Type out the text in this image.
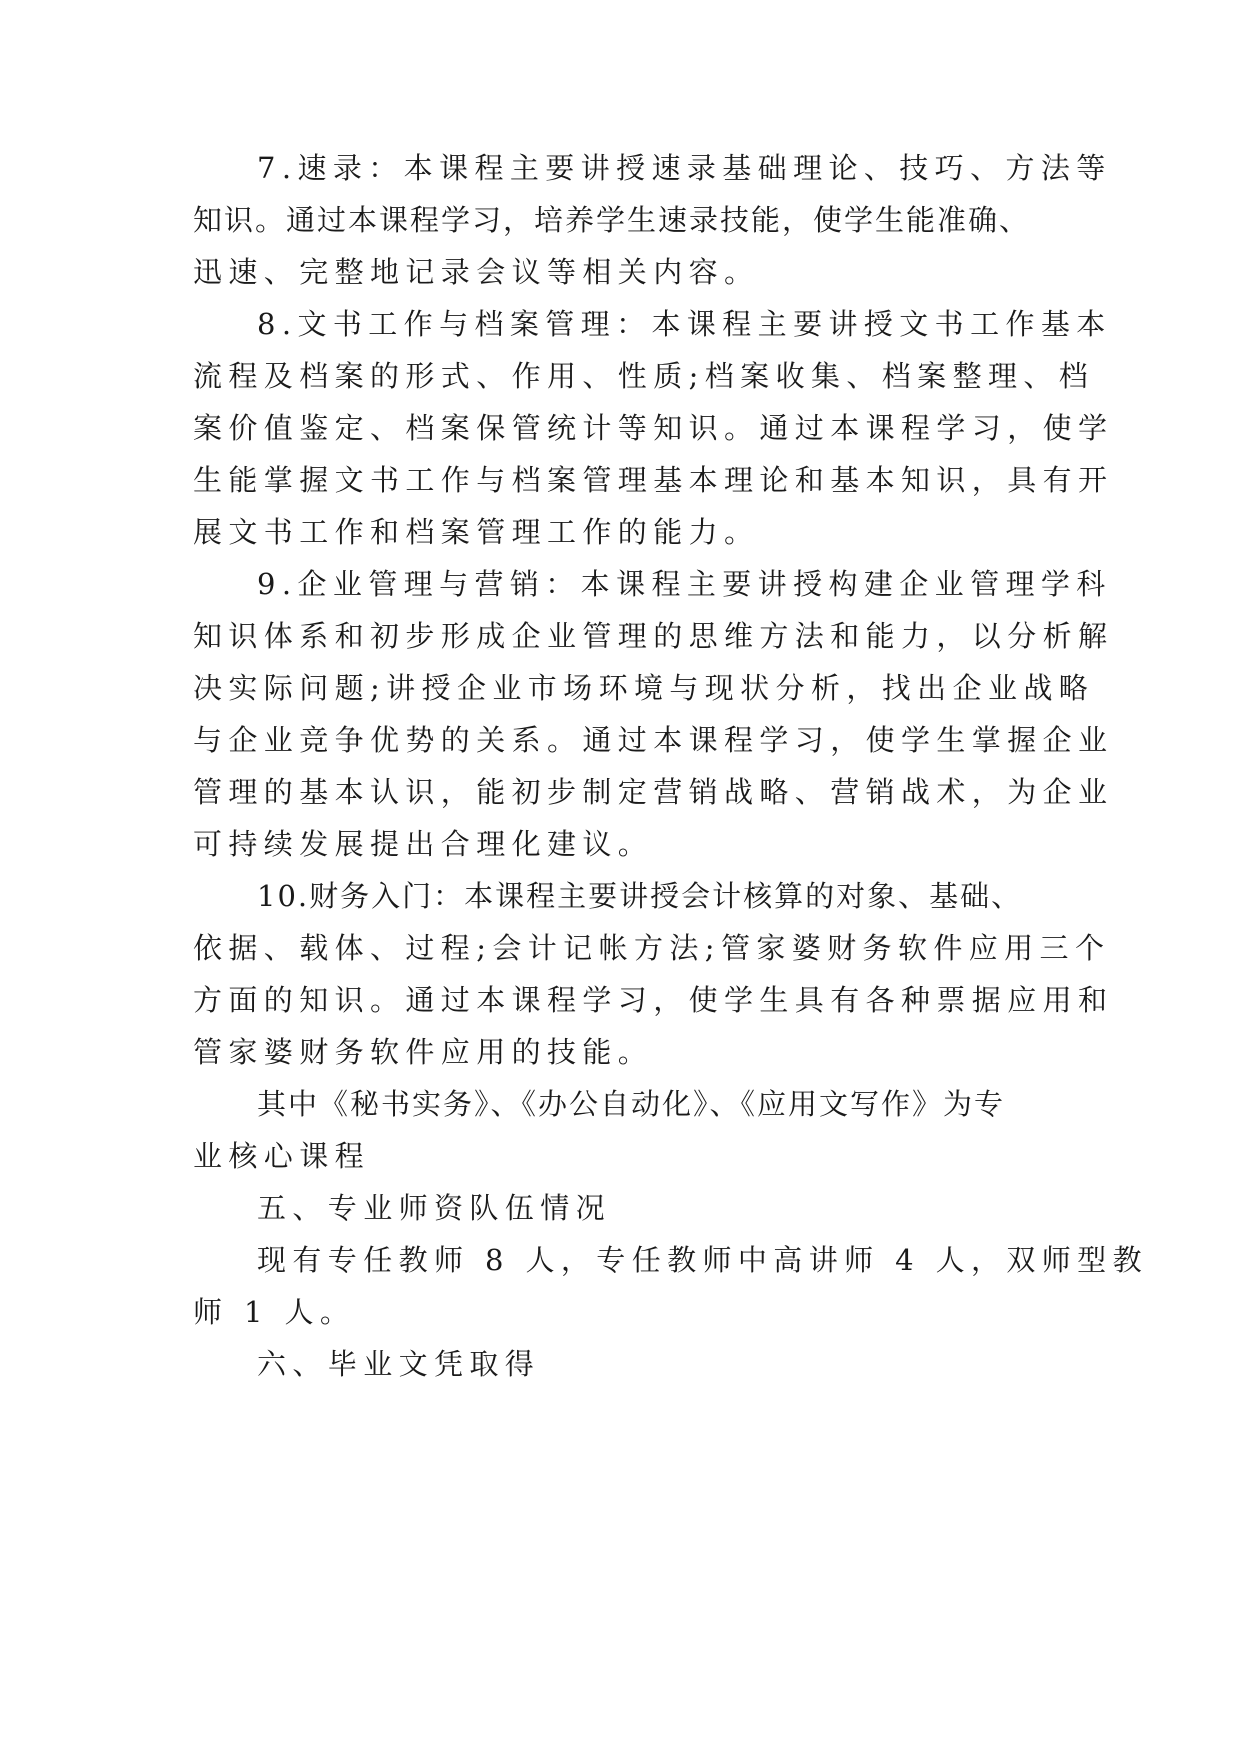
7.速录：本课程主要讲授速录基础理论、技巧、方法等
知识。通过本课程学习，培养学生速录技能，使学生能准确、
迅速、完整地记录会议等相关内容。
8.文书工作与档案管理：本课程主要讲授文书工作基本
流程及档案的形式、作用、性质;档案收集、档案整理、档
案价值鉴定、档案保管统计等知识。通过本课程学习，使学
生能掌握文书工作与档案管理基本理论和基本知识，具有开
展文书工作和档案管理工作的能力。
9.企业管理与营销：本课程主要讲授构建企业管理学科
知识体系和初步形成企业管理的思维方法和能力，以分析解
决实际问题;讲授企业市场环境与现状分析，找出企业战略
与企业竞争优势的关系。通过本课程学习，使学生掌握企业
管理的基本认识，能初步制定营销战略、营销战术，为企业
可持续发展提出合理化建议。
10.财务入门：本课程主要讲授会计核算的对象、基础、
依据、载体、过程;会计记帐方法;管家婆财务软件应用三个
方面的知识。通过本课程学习，使学生具有各种票据应用和
管家婆财务软件应用的技能。
其中《秘书实务》、《办公自动化》、《应用文写作》为专
业核心课程
五、专业师资队伍情况
现有专任教师 8 人，专任教师中高讲师 4 人，双师型教
师 1 人。
六、毕业文凭取得
